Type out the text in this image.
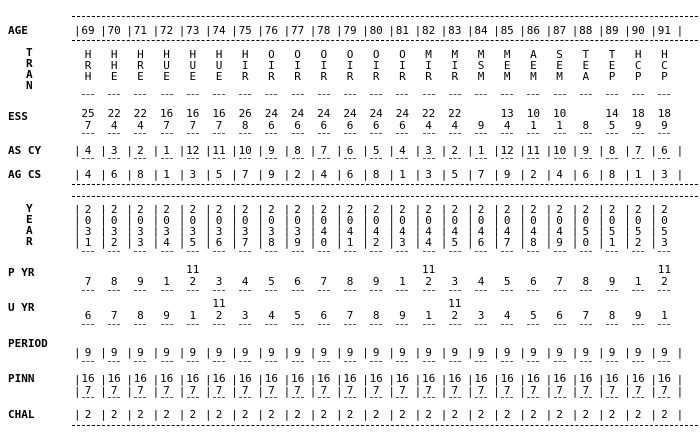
AGE
T
R
A
N
ESS
AS CY
AG CS
Y
E
A
R
P YR
U YR
PERIOD
PINN
CHAL
69
|
H
R
H
25
7
4
|
4
|
2
|
0
|
3
|
1
|
7
6
9
|
16
7
|
|
2
|
70
|
H
H
E
22
4
3
|
6
|
2
|
0
|
3
|
2
|
8
7
9
|
16
7
|
|
2
|
71
|
H
R
E
22
4
2
|
8
|
2
|
0
|
3
|
3
|
9
8
9
|
16
7
|
|
2
|
72
|
H
U
E
16
7
1
|
1
|
2
|
0
|
3
|
4
|
1
9
9
|
16
7
|
|
2
|
73
|
H
U
E
16
7
12
|
3
|
2
|
0
|
3
|
5
|
11
2
1
9
|
16
7
|
|
2
|
74
|
H
U
E
16
7
11
|
5
|
2
|
0
|
3
|
6
|
3
11
2
9
|
16
7
|
|
2
|
75
|
H
I
R
26
8
10
|
7
|
2
|
0
|
3
|
7
|
4
3
9
|
16
7
|
|
2
|
76
|
O
I
R
24
6
9
|
9
|
2
|
0
|
3
|
8
|
5
4
9
|
16
7
|
|
2
|
77
|
O
I
R
24
6
8
|
2
|
2
|
0
|
3
|
9
|
6
5
9
|
16
7
|
|
2
|
78
|
O
I
R
24
6
7
|
4
|
2
|
0
|
4
|
0
|
7
6
9
|
16
7
|
|
2
|
79
|
O
I
R
24
6
6
|
6
|
2
|
0
|
4
|
1
|
8
7
9
|
16
7
|
|
2
|
80
|
O
I
R
24
6
5
|
8
|
2
|
0
|
4
|
2
|
9
8
9
|
16
7
|
|
2
|
81
|
O
I
R
24
6
4
|
1
|
2
|
0
|
4
|
3
|
1
9
9
|
16
7
|
|
2
|
82
|
M
I
R
22
4
3
|
3
|
2
|
0
|
4
|
4
|
11
2
1
9
|
16
7
|
|
2
|
83
|
M
I
R
22
4
2
|
5
|
2
|
0
|
4
|
5
|
3
11
2
9
|
16
7
|
|
2
|
84
|
M
S
M
9
1
|
7
|
2
|
0
|
4
|
6
|
4
3
9
|
16
7
|
|
2
|
85
|
M
E
M
13
4
12
|
9
|
2
|
0
|
4
|
7
|
5
4
9
|
16
7
|
|
2
|
86
|
A
E
M
10
1
11
|
2
|
2
|
0
|
4
|
8
|
6
5
9
|
16
7
|
|
2
|
87
|
S
E
M
10
1
10
|
4
|
2
|
0
|
4
|
9
|
7
6
9
|
16
7
|
|
2
|
88
|
T
E
A
8
9
|
6
|
2
|
0
|
5
|
0
|
8
7
9
|
16
7
|
|
2
|
89
|
T
E
P
14
5
8
|
8
|
2
|
0
|
5
|
1
|
9
8
9
|
16
7
|
|
2
|
90
|
H
C
P
18
9
7
|
1
|
2
|
0
|
5
|
2
|
1
9
9
|
16
7
|
|
2
|
91
|
H
C
P
18
9
6
|
3
|
2
|
0
|
5
|
3
|
11
2
1
9
|
16
7
|
|
2
|
|
|
|
|
|
|
|
